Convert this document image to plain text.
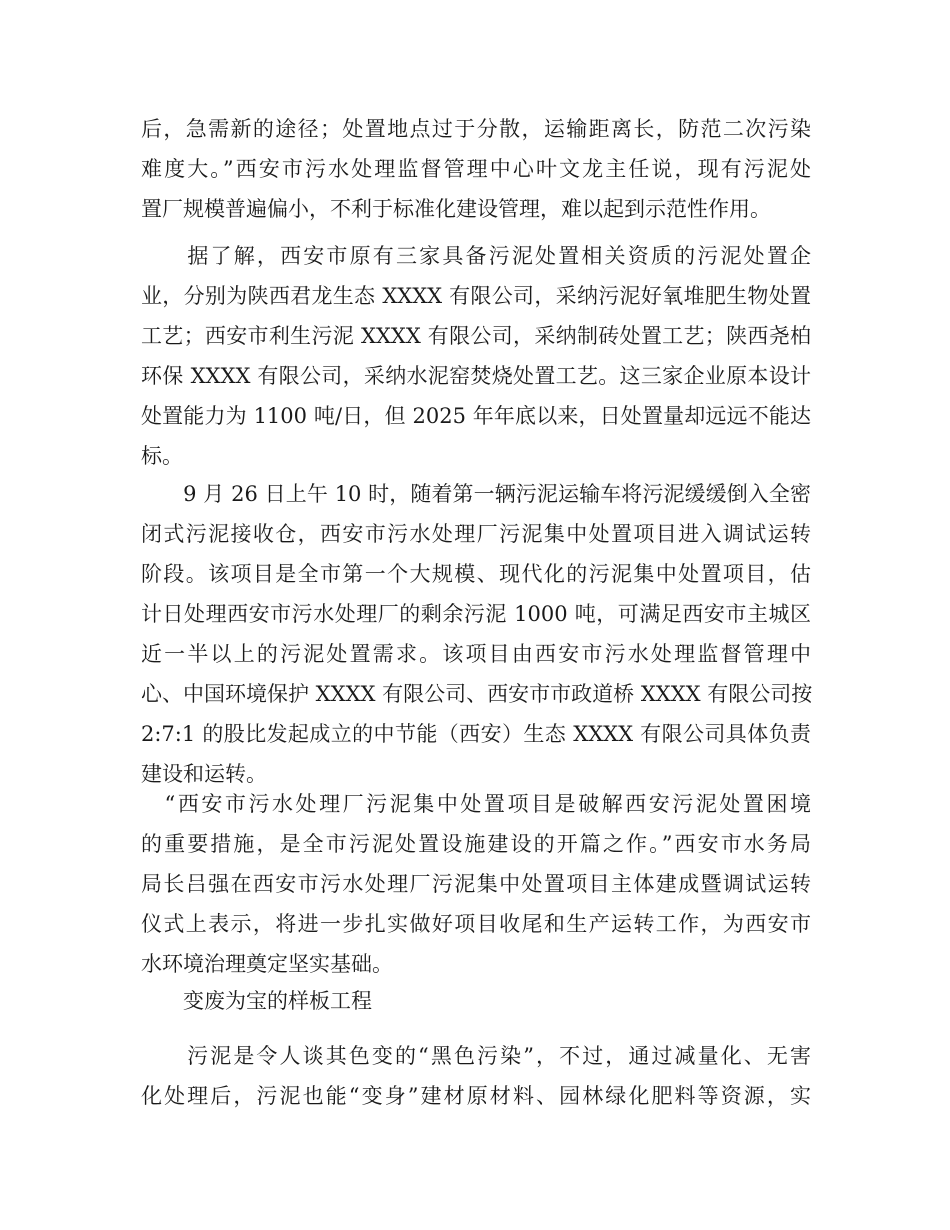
后，急需新的途径；处置地点过于分散，运输距离长，防范二次污染
难度大。”西安市污水处理监督管理中心叶文龙主任说，现有污泥处
置厂规模普遍偏小，不利于标准化建设管理，难以起到示范性作用。

　　据了解，西安市原有三家具备污泥处置相关资质的污泥处置企
业，分别为陕西君龙生态 XXXX 有限公司，采纳污泥好氧堆肥生物处置
工艺；西安市利生污泥 XXXX 有限公司，采纳制砖处置工艺；陕西尧柏
环保 XXXX 有限公司，采纳水泥窑焚烧处置工艺。这三家企业原本设计
处置能力为 1100 吨/日，但 2025 年年底以来，日处置量却远远不能达
标。

　　9 月 26 日上午 10 时，随着第一辆污泥运输车将污泥缓缓倒入全密
闭式污泥接收仓，西安市污水处理厂污泥集中处置项目进入调试运转
阶段。该项目是全市第一个大规模、现代化的污泥集中处置项目，估
计日处理西安市污水处理厂的剩余污泥 1000 吨，可满足西安市主城区
近一半以上的污泥处置需求。该项目由西安市污水处理监督管理中
心、中国环境保护 XXXX 有限公司、西安市市政道桥 XXXX 有限公司按
2:7:1 的股比发起成立的中节能（西安）生态 XXXX 有限公司具体负责
建设和运转。

　“西安市污水处理厂污泥集中处置项目是破解西安污泥处置困境
的重要措施，是全市污泥处置设施建设的开篇之作。”西安市水务局
局长吕强在西安市污水处理厂污泥集中处置项目主体建成暨调试运转
仪式上表示，将进一步扎实做好项目收尾和生产运转工作，为西安市
水环境治理奠定坚实基础。

　　变废为宝的样板工程

　　污泥是令人谈其色变的“黑色污染”，不过，通过减量化、无害
化处理后，污泥也能“变身”建材原材料、园林绿化肥料等资源，实
